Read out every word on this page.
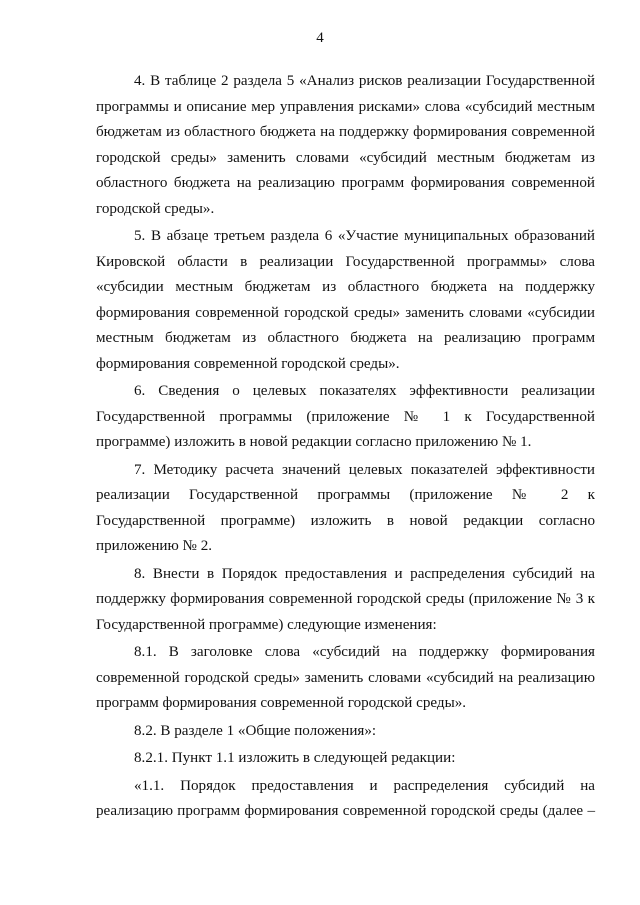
4

4. В таблице 2 раздела 5 «Анализ рисков реализации Государственной программы и описание мер управления рисками» слова «субсидий местным бюджетам из областного бюджета на поддержку формирования современной городской среды» заменить словами «субсидий местным бюджетам из областного бюджета на реализацию программ формирования современной городской среды».

5. В абзаце третьем раздела 6 «Участие муниципальных образований Кировской области в реализации Государственной программы» слова «субсидии местным бюджетам из областного бюджета на поддержку формирования современной городской среды» заменить словами «субсидии местным бюджетам из областного бюджета на реализацию программ формирования современной городской среды».

6. Сведения о целевых показателях эффективности реализации Государственной программы (приложение № 1 к Государственной программе) изложить в новой редакции согласно приложению № 1.

7. Методику расчета значений целевых показателей эффективности реализации Государственной программы (приложение № 2 к Государственной программе) изложить в новой редакции согласно приложению № 2.

8. Внести в Порядок предоставления и распределения субсидий на поддержку формирования современной городской среды (приложение № 3 к Государственной программе) следующие изменения:

8.1. В заголовке слова «субсидий на поддержку формирования современной городской среды» заменить словами «субсидий на реализацию программ формирования современной городской среды».

8.2. В разделе 1 «Общие положения»:

8.2.1. Пункт 1.1 изложить в следующей редакции:

«1.1. Порядок предоставления и распределения субсидий на реализацию программ формирования современной городской среды (далее –
